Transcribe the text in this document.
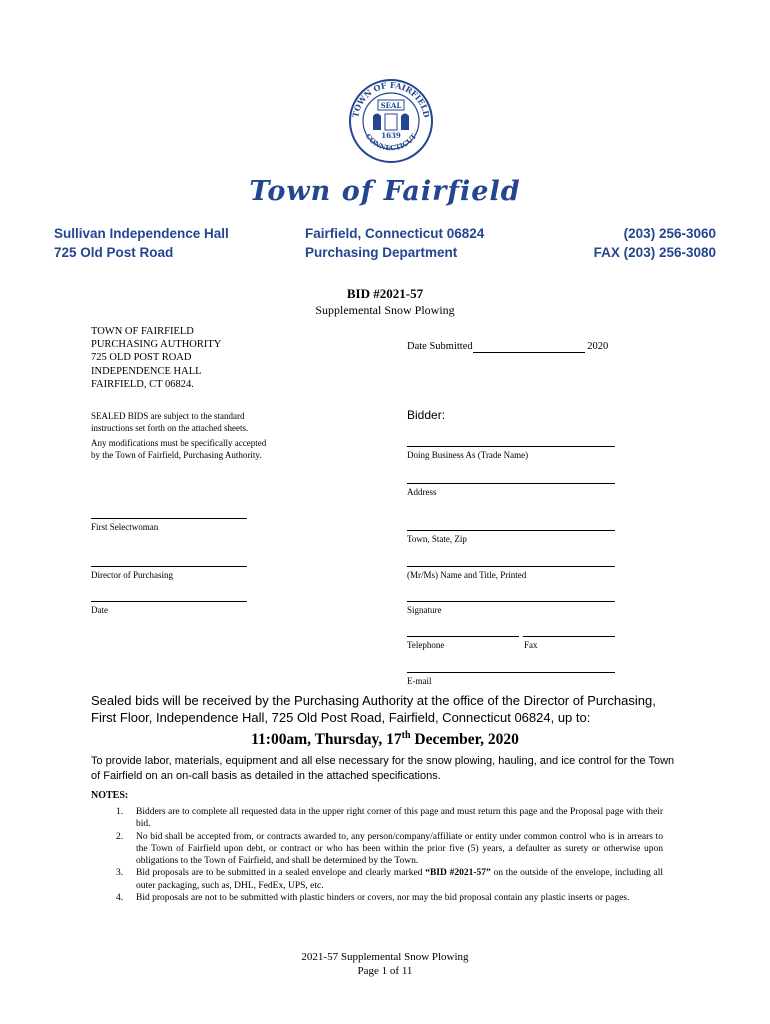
TOWN OF FAIRFIELD
CONNECTICUT
SEAL
1639
Town of Fairfield
Sullivan Independence Hall
725 Old Post Road
Fairfield, Connecticut 06824
Purchasing Department
(203) 256-3060
FAX (203) 256-3080
BID #2021-57
Supplemental Snow Plowing
TOWN OF FAIRFIELD
PURCHASING AUTHORITY
725 OLD POST ROAD
INDEPENDENCE HALL
FAIRFIELD, CT 06824.
Date Submitted	2020
SEALED BIDS are subject to the standard instructions set forth on the attached sheets.
Any modifications must be specifically accepted by the Town of Fairfield, Purchasing Authority.
Bidder:
Doing Business As (Trade Name)
Address
Town, State, Zip
(Mr/Ms) Name and Title, Printed
Signature
Telephone	Fax
E-mail
First Selectwoman
Director of Purchasing
Date
Sealed bids will be received by the Purchasing Authority at the office of the Director of Purchasing, First Floor, Independence Hall, 725 Old Post Road, Fairfield, Connecticut 06824, up to:
11:00am, Thursday, 17th December, 2020
To provide labor, materials, equipment and all else necessary for the snow plowing, hauling, and ice control for the Town of Fairfield on an on-call basis as detailed in the attached specifications.
NOTES:
1. Bidders are to complete all requested data in the upper right corner of this page and must return this page and the Proposal page with their bid.
2. No bid shall be accepted from, or contracts awarded to, any person/company/affiliate or entity under common control who is in arrears to the Town of Fairfield upon debt, or contract or who has been within the prior five (5) years, a defaulter as surety or otherwise upon obligations to the Town of Fairfield, and shall be determined by the Town.
3. Bid proposals are to be submitted in a sealed envelope and clearly marked “BID #2021-57” on the outside of the envelope, including all outer packaging, such as, DHL, FedEx, UPS, etc.
4. Bid proposals are not to be submitted with plastic binders or covers, nor may the bid proposal contain any plastic inserts or pages.
2021-57 Supplemental Snow Plowing
Page 1 of 11
